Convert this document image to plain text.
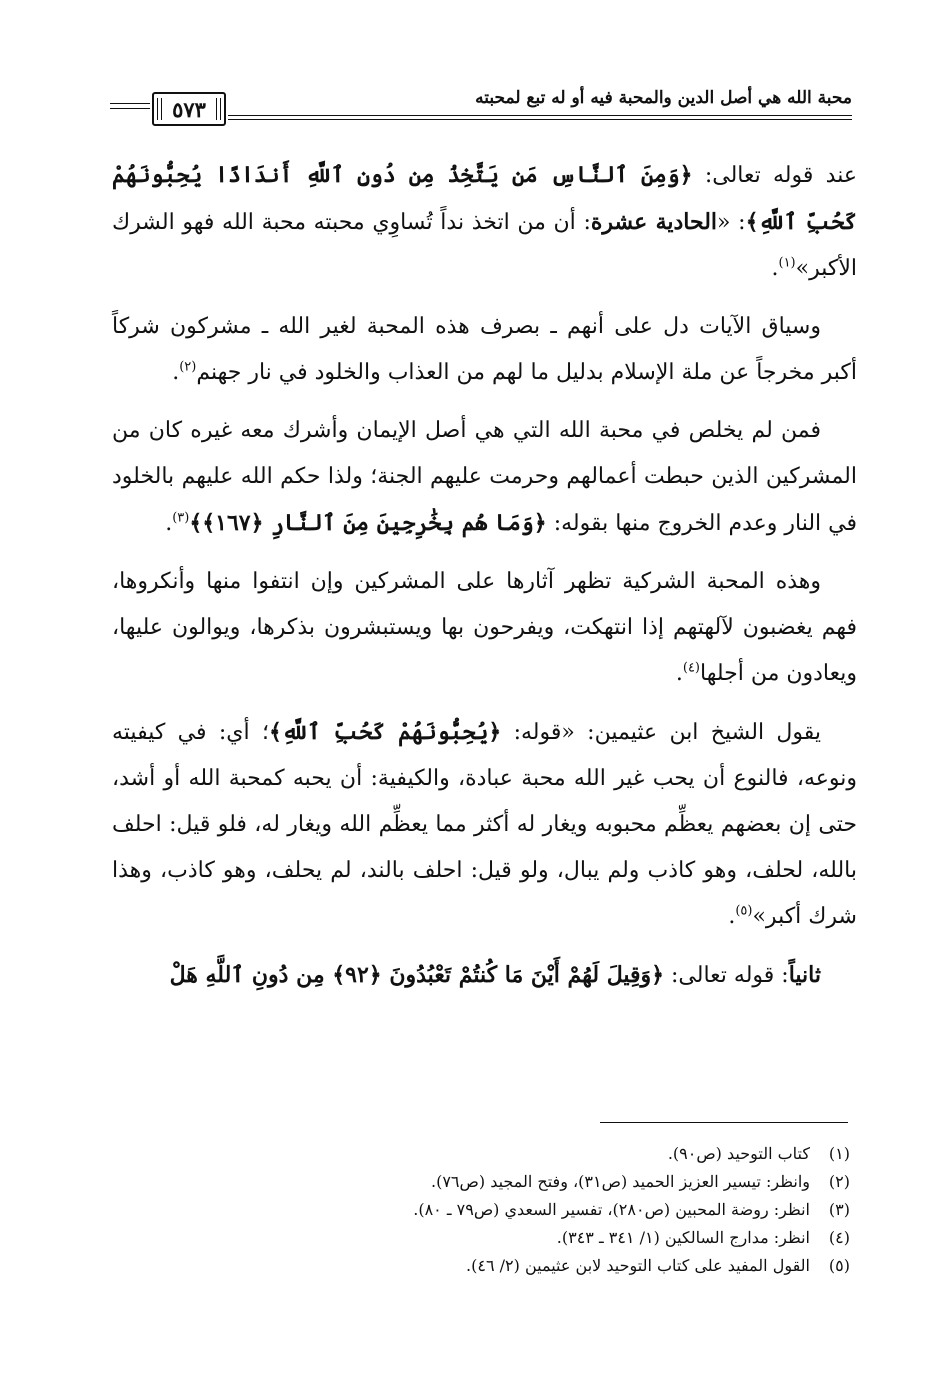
محبة الله هي أصل الدين والمحبة فيه أو له تبع لمحبته
٥٧٣

عند قوله تعالى: ﴿وَمِنَ ٱلنَّاسِ مَن يَتَّخِذُ مِن دُونِ ٱللَّهِ أَندَادًا يُحِبُّونَهُمْ كَحُبِّ ٱللَّهِ﴾: «الحادية عشرة: أن من اتخذ نداً تُساوِي محبته محبة الله فهو الشرك الأكبر»$^{(١)}$.

وسياق الآيات دل على أنهم ـ بصرف هذه المحبة لغير الله ـ مشركون شركاً أكبر مخرجاً عن ملة الإسلام بدليل ما لهم من العذاب والخلود في نار جهنم$^{(٢)}$.

فمن لم يخلص في محبة الله التي هي أصل الإيمان وأشرك معه غيره كان من المشركين الذين حبطت أعمالهم وحرمت عليهم الجنة؛ ولذا حكم الله عليهم بالخلود في النار وعدم الخروج منها بقوله: ﴿وَمَا هُم بِخَٰرِجِينَ مِنَ ٱلنَّارِ ﴿١٦٧﴾﴾$^{(٣)}$.

وهذه المحبة الشركية تظهر آثارها على المشركين وإن انتفوا منها وأنكروها، فهم يغضبون لآلهتهم إذا انتهكت، ويفرحون بها ويستبشرون بذكرها، ويوالون عليها، ويعادون من أجلها$^{(٤)}$.

يقول الشيخ ابن عثيمين: «قوله: ﴿يُحِبُّونَهُمْ كَحُبِّ ٱللَّهِ﴾؛ أي: في كيفيته ونوعه، فالنوع أن يحب غير الله محبة عبادة، والكيفية: أن يحبه كمحبة الله أو أشد، حتى إن بعضهم يعظِّم محبوبه ويغار له أكثر مما يعظِّم الله ويغار له، فلو قيل: احلف بالله، لحلف، وهو كاذب ولم يبال، ولو قيل: احلف بالند، لم يحلف، وهو كاذب، وهذا شرك أكبر»$^{(٥)}$.

ثانياً: قوله تعالى: ﴿وَقِيلَ لَهُمْ أَيْنَ مَا كُنتُمْ تَعْبُدُونَ ﴿٩٢﴾ مِن دُونِ ٱللَّهِ هَلْ

(١)كتاب التوحيد (ص٩٠).
(٢)وانظر: تيسير العزيز الحميد (ص٣١)، وفتح المجيد (ص٧٦).
(٣)انظر: روضة المحبين (ص٢٨٠)، تفسير السعدي (ص٧٩ ـ ٨٠).
(٤)انظر: مدارج السالكين (١/ ٣٤١ ـ ٣٤٣).
(٥)القول المفيد على كتاب التوحيد لابن عثيمين (٢/ ٤٦).
